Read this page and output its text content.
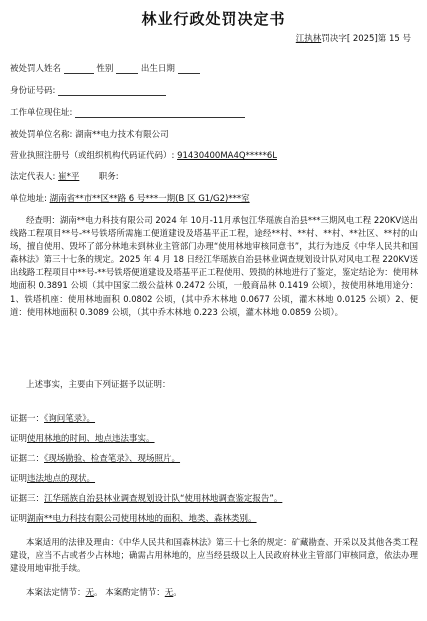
林业行政处罚决定书
江执林罚决字[ 2025]第 15 号
被处罚人姓名	性别	出生日期
身份证号码:
工作单位现住址:
被处罚单位名称: 湖南**电力技术有限公司
营业执照注册号（或组织机构代码证代码）: 91430400MA4Q*****6L
法定代表人: 崔*平 职务:
单位地址: 湖南省**市**区**路 6 号***一期(B 区 G1/G2)***室
经查明：湖南**电力科技有限公司 2024 年 10月-11月承包江华瑶族自治县***三期风电工程 220KV送出线路工程项目**号-**号铁塔所需施工便道建设及塔基平正工程，途经**村、**村、**村、**社区、**村的山场，擅自使用、毁坏了部分林地未到林业主管部门办理“使用林地审核同意书”，其行为违反《中华人民共和国森林法》第三十七条的规定。2025 年 4 月 18 日经江华瑶族自治县林业调查规划设计队对风电工程 220KV送出线路工程项目中**号-**号铁塔便道建设及塔基平正工程使用、毁损的林地进行了鉴定，鉴定结论为：使用林地面积 0.3891 公顷（其中国家二级公益林 0.2472 公顷，一般商品林 0.1419 公顷），按使用林地用途分：1、铁塔机座：使用林地面积 0.0802 公顷，(其中乔木林地 0.0677 公顷，灌木林地 0.0125 公顷）2、便道：使用林地面积 0.3089 公顷，（其中乔木林地 0.223 公顷，灌木林地 0.0859 公顷）。
上述事实，主要由下列证据予以证明：
证据一：《询问笔录》。
证明使用林地的时间、地点违法事实。
证据二：《现场勘验、检查笔录》、现场照片。
证明违法地点的现状。
证据三：江华瑶族自治县林业调查规划设计队“使用林地调查鉴定报告”。
证明湖南**电力科技有限公司使用林地的面积、地类、森林类别。
本案适用的法律及理由：《中华人民共和国森林法》第三十七条的规定：矿藏勘查、开采以及其他各类工程建设，应当不占或者少占林地；确需占用林地的，应当经县级以上人民政府林业主管部门审核同意，依法办理建设用地审批手续。
本案法定情节：无。 本案酌定情节：无。
